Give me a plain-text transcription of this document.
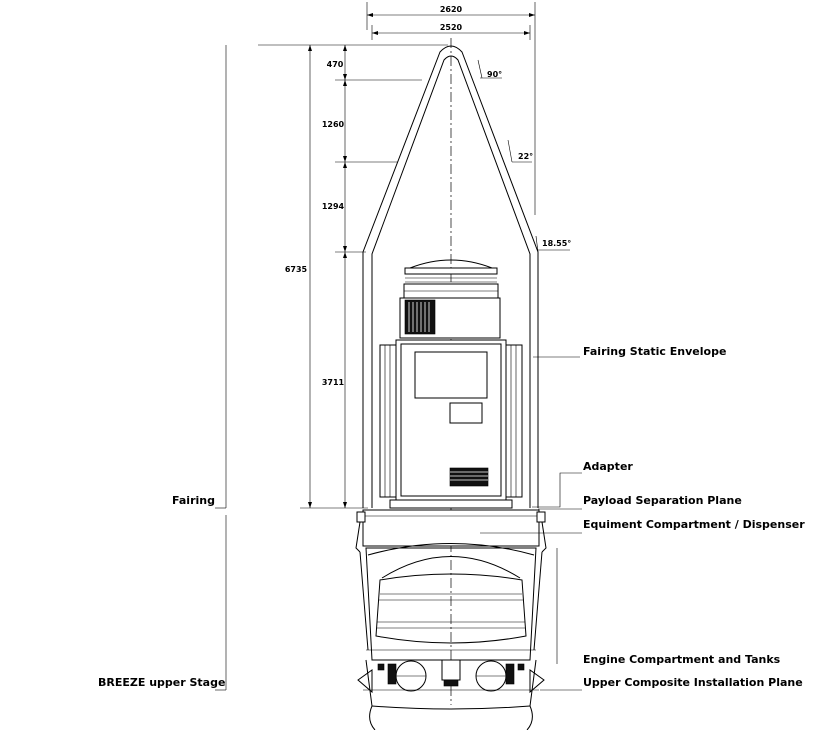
2620
2520
6735
470
1260
1294
3711
90°
22°
18.55°
Fairing Static Envelope
Adapter
Payload Separation Plane
Equiment Compartment / Dispenser
Engine Compartment and Tanks
Upper Composite Installation Plane
Fairing
BREEZE upper Stage
